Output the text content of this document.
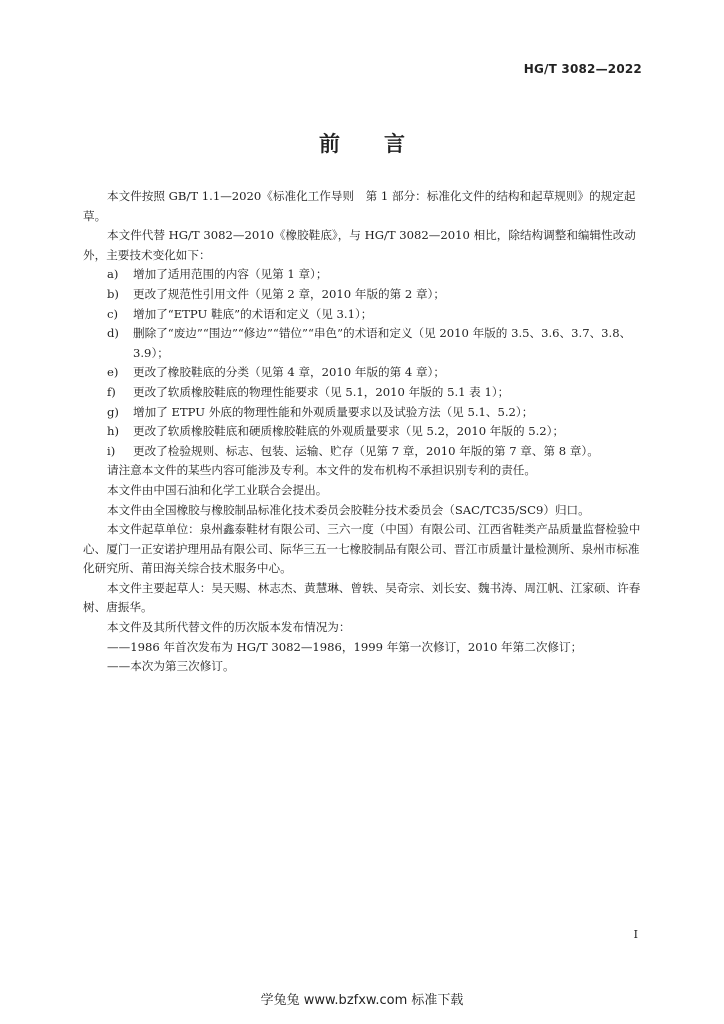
HG/T 3082—2022
前言

本文件按照 GB/T 1.1—2020《标准化工作导则　第 1 部分：标准化文件的结构和起草规则》的规定起草。

本文件代替 HG/T 3082—2010《橡胶鞋底》，与 HG/T 3082—2010 相比，除结构调整和编辑性改动外，主要技术变化如下：

a)	增加了适用范围的内容（见第 1 章）；
b)	更改了规范性引用文件（见第 2 章，2010 年版的第 2 章）；
c)	增加了“ETPU 鞋底”的术语和定义（见 3.1）；
d)	删除了“废边”“围边”“修边”“错位”“串色”的术语和定义（见 2010 年版的 3.5、3.6、3.7、3.8、3.9）；
e)	更改了橡胶鞋底的分类（见第 4 章，2010 年版的第 4 章）；
f)	更改了软质橡胶鞋底的物理性能要求（见 5.1，2010 年版的 5.1 表 1）；
g)	增加了 ETPU 外底的物理性能和外观质量要求以及试验方法（见 5.1、5.2）；
h)	更改了软质橡胶鞋底和硬质橡胶鞋底的外观质量要求（见 5.2，2010 年版的 5.2）；
i)	更改了检验规则、标志、包装、运输、贮存（见第 7 章，2010 年版的第 7 章、第 8 章）。

请注意本文件的某些内容可能涉及专利。本文件的发布机构不承担识别专利的责任。

本文件由中国石油和化学工业联合会提出。

本文件由全国橡胶与橡胶制品标准化技术委员会胶鞋分技术委员会（SAC/TC35/SC9）归口。

本文件起草单位：泉州鑫泰鞋材有限公司、三六一度（中国）有限公司、江西省鞋类产品质量监督检验中心、厦门一正安诺护理用品有限公司、际华三五一七橡胶制品有限公司、晋江市质量计量检测所、泉州市标准化研究所、莆田海关综合技术服务中心。

本文件主要起草人：吴天赐、林志杰、黄慧琳、曾轶、吴奇宗、刘长安、魏书涛、周江帆、江家硕、许春树、唐振华。

本文件及其所代替文件的历次版本发布情况为：

——1986 年首次发布为 HG/T 3082—1986，1999 年第一次修订，2010 年第二次修订；

——本次为第三次修订。

I
学兔兔 www.bzfxw.com 标准下载
